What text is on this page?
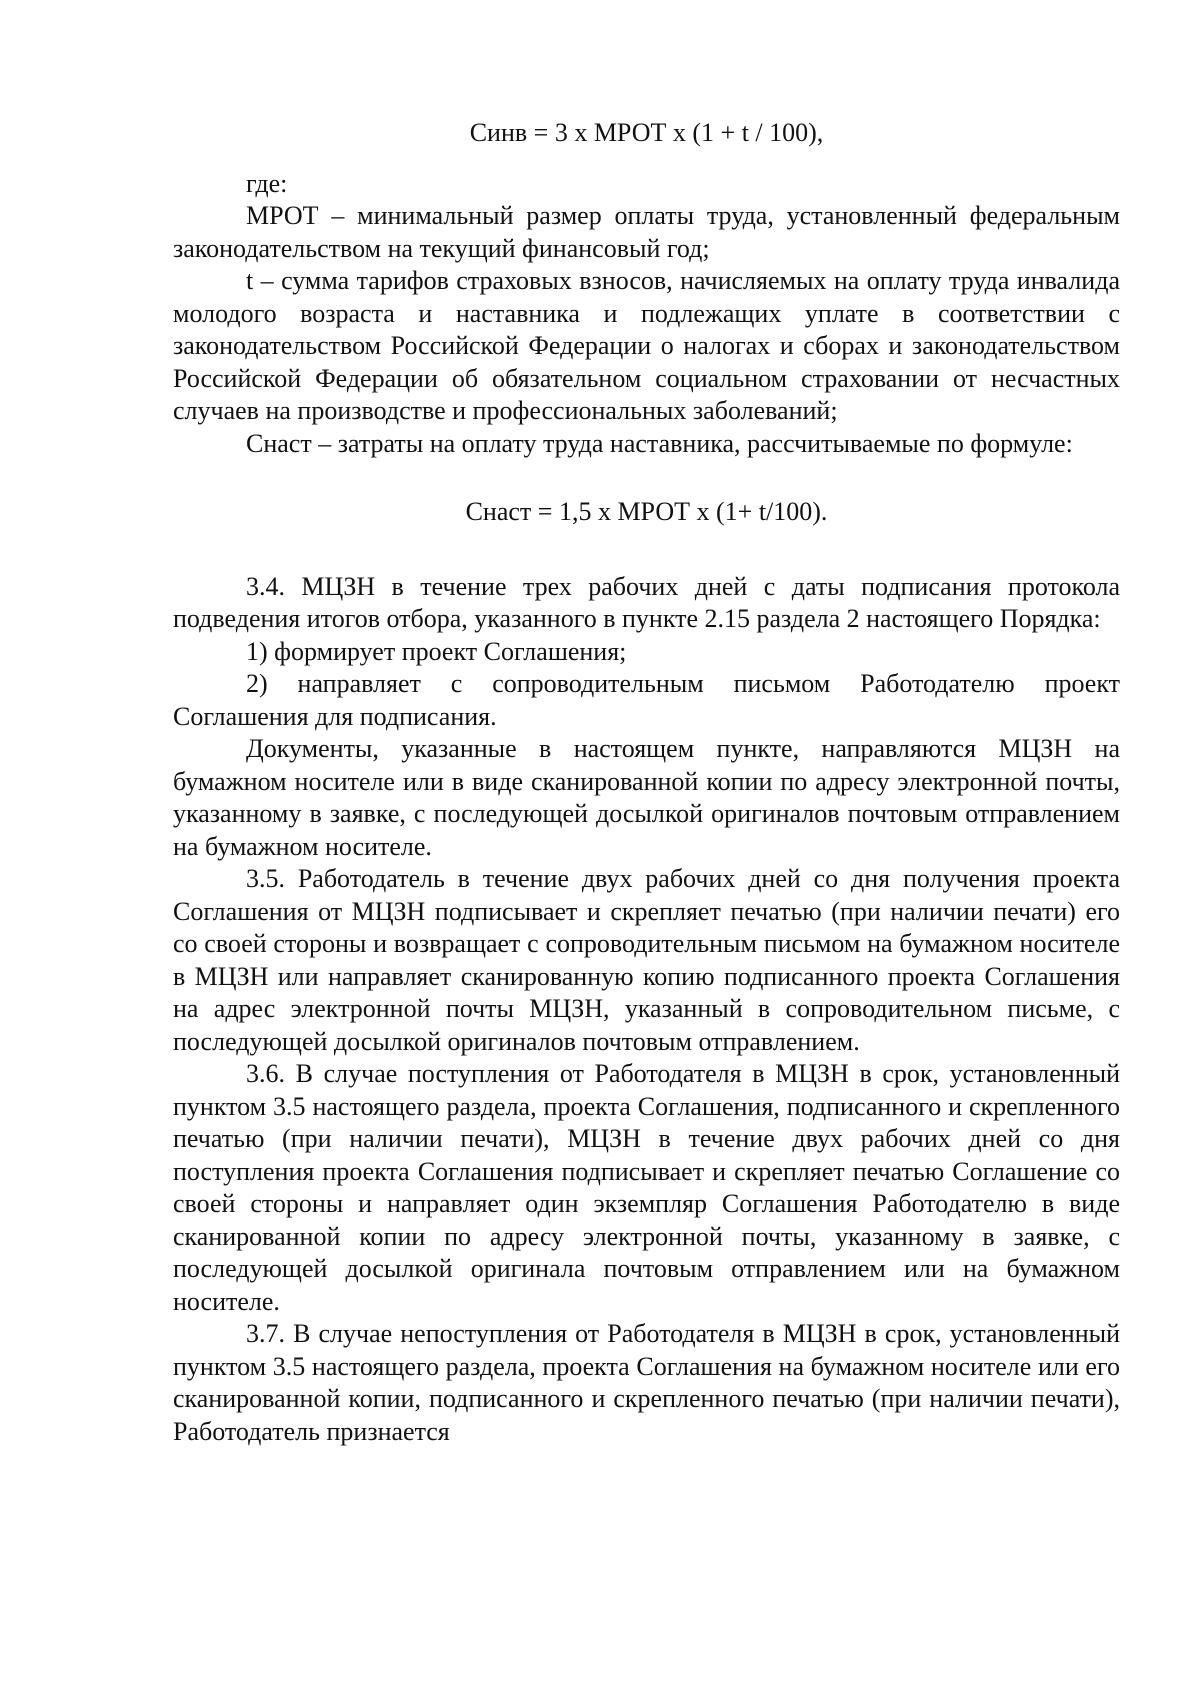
Синв = 3 x МРОТ x (1 + t / 100),

где:

МРОТ – минимальный размер оплаты труда, установленный федеральным законодательством на текущий финансовый год;

t – сумма тарифов страховых взносов, начисляемых на оплату труда инвалида молодого возраста и наставника и подлежащих уплате в соответствии с законодательством Российской Федерации о налогах и сборах и законодательством Российской Федерации об обязательном социальном страховании от несчастных случаев на производстве и профессиональных заболеваний;

Снаст – затраты на оплату труда наставника, рассчитываемые по формуле:

Снаст = 1,5 x МРОТ x (1+ t/100).

3.4. МЦЗН в течение трех рабочих дней с даты подписания протокола подведения итогов отбора, указанного в пункте 2.15 раздела 2 настоящего Порядка:

1) формирует проект Соглашения;

2) направляет с сопроводительным письмом Работодателю проект Соглашения для подписания.

Документы, указанные в настоящем пункте, направляются МЦЗН на бумажном носителе или в виде сканированной копии по адресу электронной почты, указанному в заявке, с последующей досылкой оригиналов почтовым отправлением на бумажном носителе.

3.5. Работодатель в течение двух рабочих дней со дня получения проекта Соглашения от МЦЗН подписывает и скрепляет печатью (при наличии печати) его со своей стороны и возвращает с сопроводительным письмом на бумажном носителе в МЦЗН или направляет сканированную копию подписанного проекта Соглашения на адрес электронной почты МЦЗН, указанный в сопроводительном письме, с последующей досылкой оригиналов почтовым отправлением.

3.6. В случае поступления от Работодателя в МЦЗН в срок, установленный пунктом 3.5 настоящего раздела, проекта Соглашения, подписанного и скрепленного печатью (при наличии печати), МЦЗН в течение двух рабочих дней со дня поступления проекта Соглашения подписывает и скрепляет печатью Соглашение со своей стороны и направляет один экземпляр Соглашения Работодателю в виде сканированной копии по адресу электронной почты, указанному в заявке, с последующей досылкой оригинала почтовым отправлением или на бумажном носителе.

3.7. В случае непоступления от Работодателя в МЦЗН в срок, установленный пунктом 3.5 настоящего раздела, проекта Соглашения на бумажном носителе или его сканированной копии, подписанного и скрепленного печатью (при наличии печати), Работодатель признается
